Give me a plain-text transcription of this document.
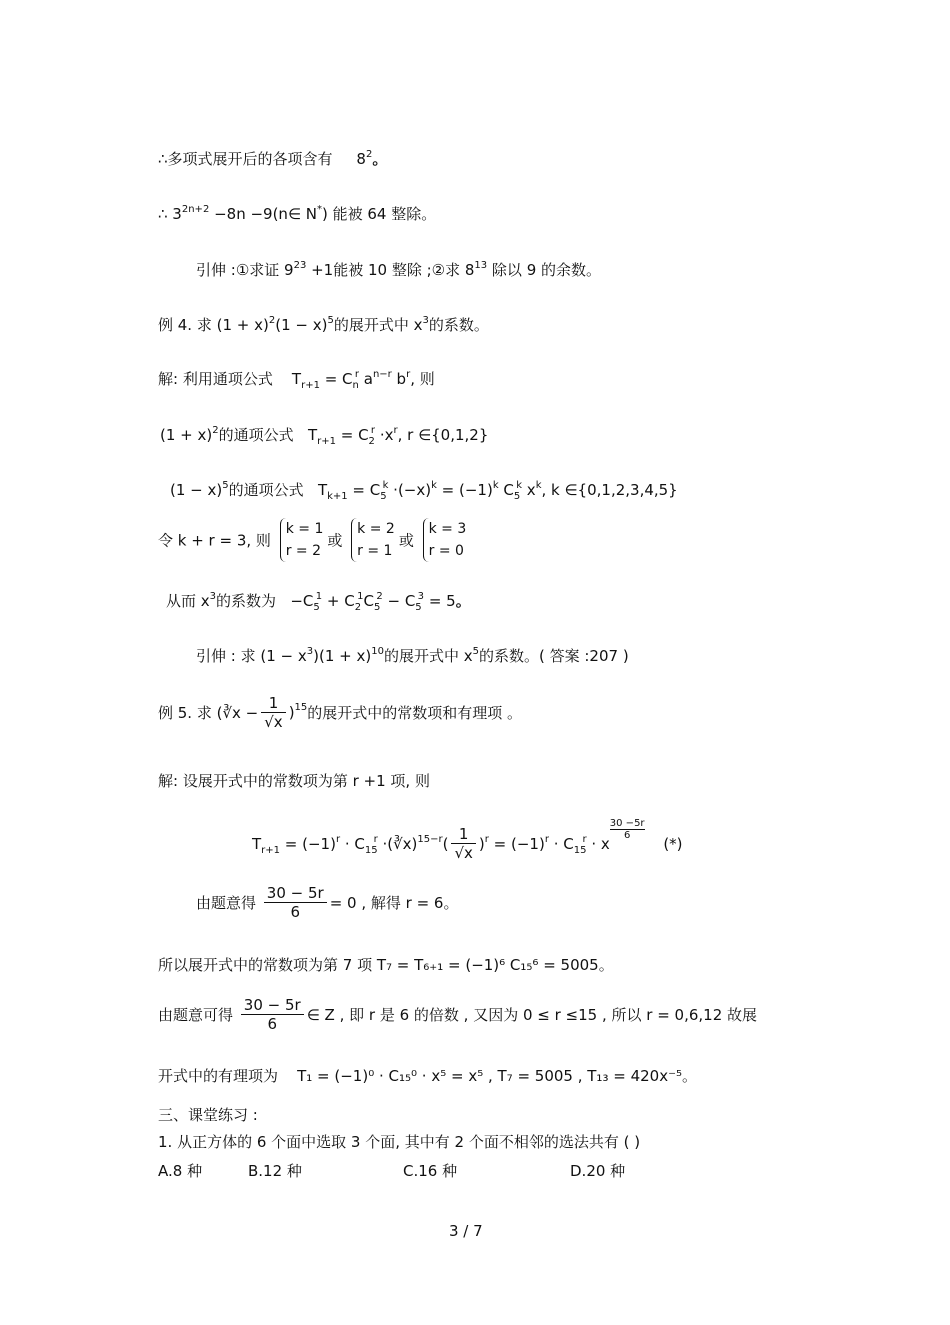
∴多项式展开后的各项含有 $8^2$。
∴ $3^{2n+2} -8n$ −9(n∈ N*) 能被 64 整除。
引伸 :①求证 $9^{23} +1$能被 10 整除 ;②求 $8^{13}$ 除以 9 的余数。
例 4. 求 $(1 + x)^2(1 - x)^5$的展开式中 $x^3$的系数。
解: 利用通项公式 $T_{r+1} = C_n^r$ $a^{n-r}$ $b^r$, 则
$(1 + x)^2$的通项公式 $T_{r+1} = C_2^r \cdot x^r$, r ∈{0,1,2}
$(1 - x)^5$的通项公式 $T_{k+1} = C_5^k \cdot(-x)^k = (-1)^k$ $C_5^k$ $x^k$, k ∈{0,1,2,3,4,5}
令 k + r = 3, 则 k = 1
r = 2或 k = 2
r = 1或 k = 3
r = 0
从而 $x^3$的系数为 $-C_5^1 + C_2^1C_5^2 - C_5^3 = 5$。
引伸 : 求 $(1 - x^3)(1 + x)^{10}$的展开式中 $x^5$的系数。( 答案 :207 )
例 5. 求 (∛x − $\frac{1}{√x} )^{15}$的展开式中的常数项和有理项 。
解: 设展开式中的常数项为第 r +1 项, 则
$T_{r+1} = (-1)^r \cdot C_{15}^r$ ·(∛x)$^{15-r}$( $\frac{1}{√x} )^r = (-1)^r \cdot C_{15}^r \cdot x$
$\frac{30 -5r}{6}$
(*)
由题意得 $\frac{30 - 5r}{6} = 0$ , 解得 r = 6。
所以展开式中的常数项为第 7 项 T₇ = T₆₊₁ = (−1)⁶ C₁₅⁶ = 5005。
由题意可得 $\frac{30 - 5r}{6}$ ∈ Z , 即 r 是 6 的倍数 , 又因为 0 ≤ r ≤15 , 所以 r = 0,6,12 故展
开式中的有理项为 T₁ = (−1)⁰ · C₁₅⁰ · x⁵ = x⁵ , T₇ = 5005 , T₁₃ = 420x⁻⁵。
三、课堂练习 :
1. 从正方体的 6 个面中选取 3 个面, 其中有 2 个面不相邻的选法共有 ( )
A.8 种	B.12 种	C.16 种	D.20 种
3 / 7
